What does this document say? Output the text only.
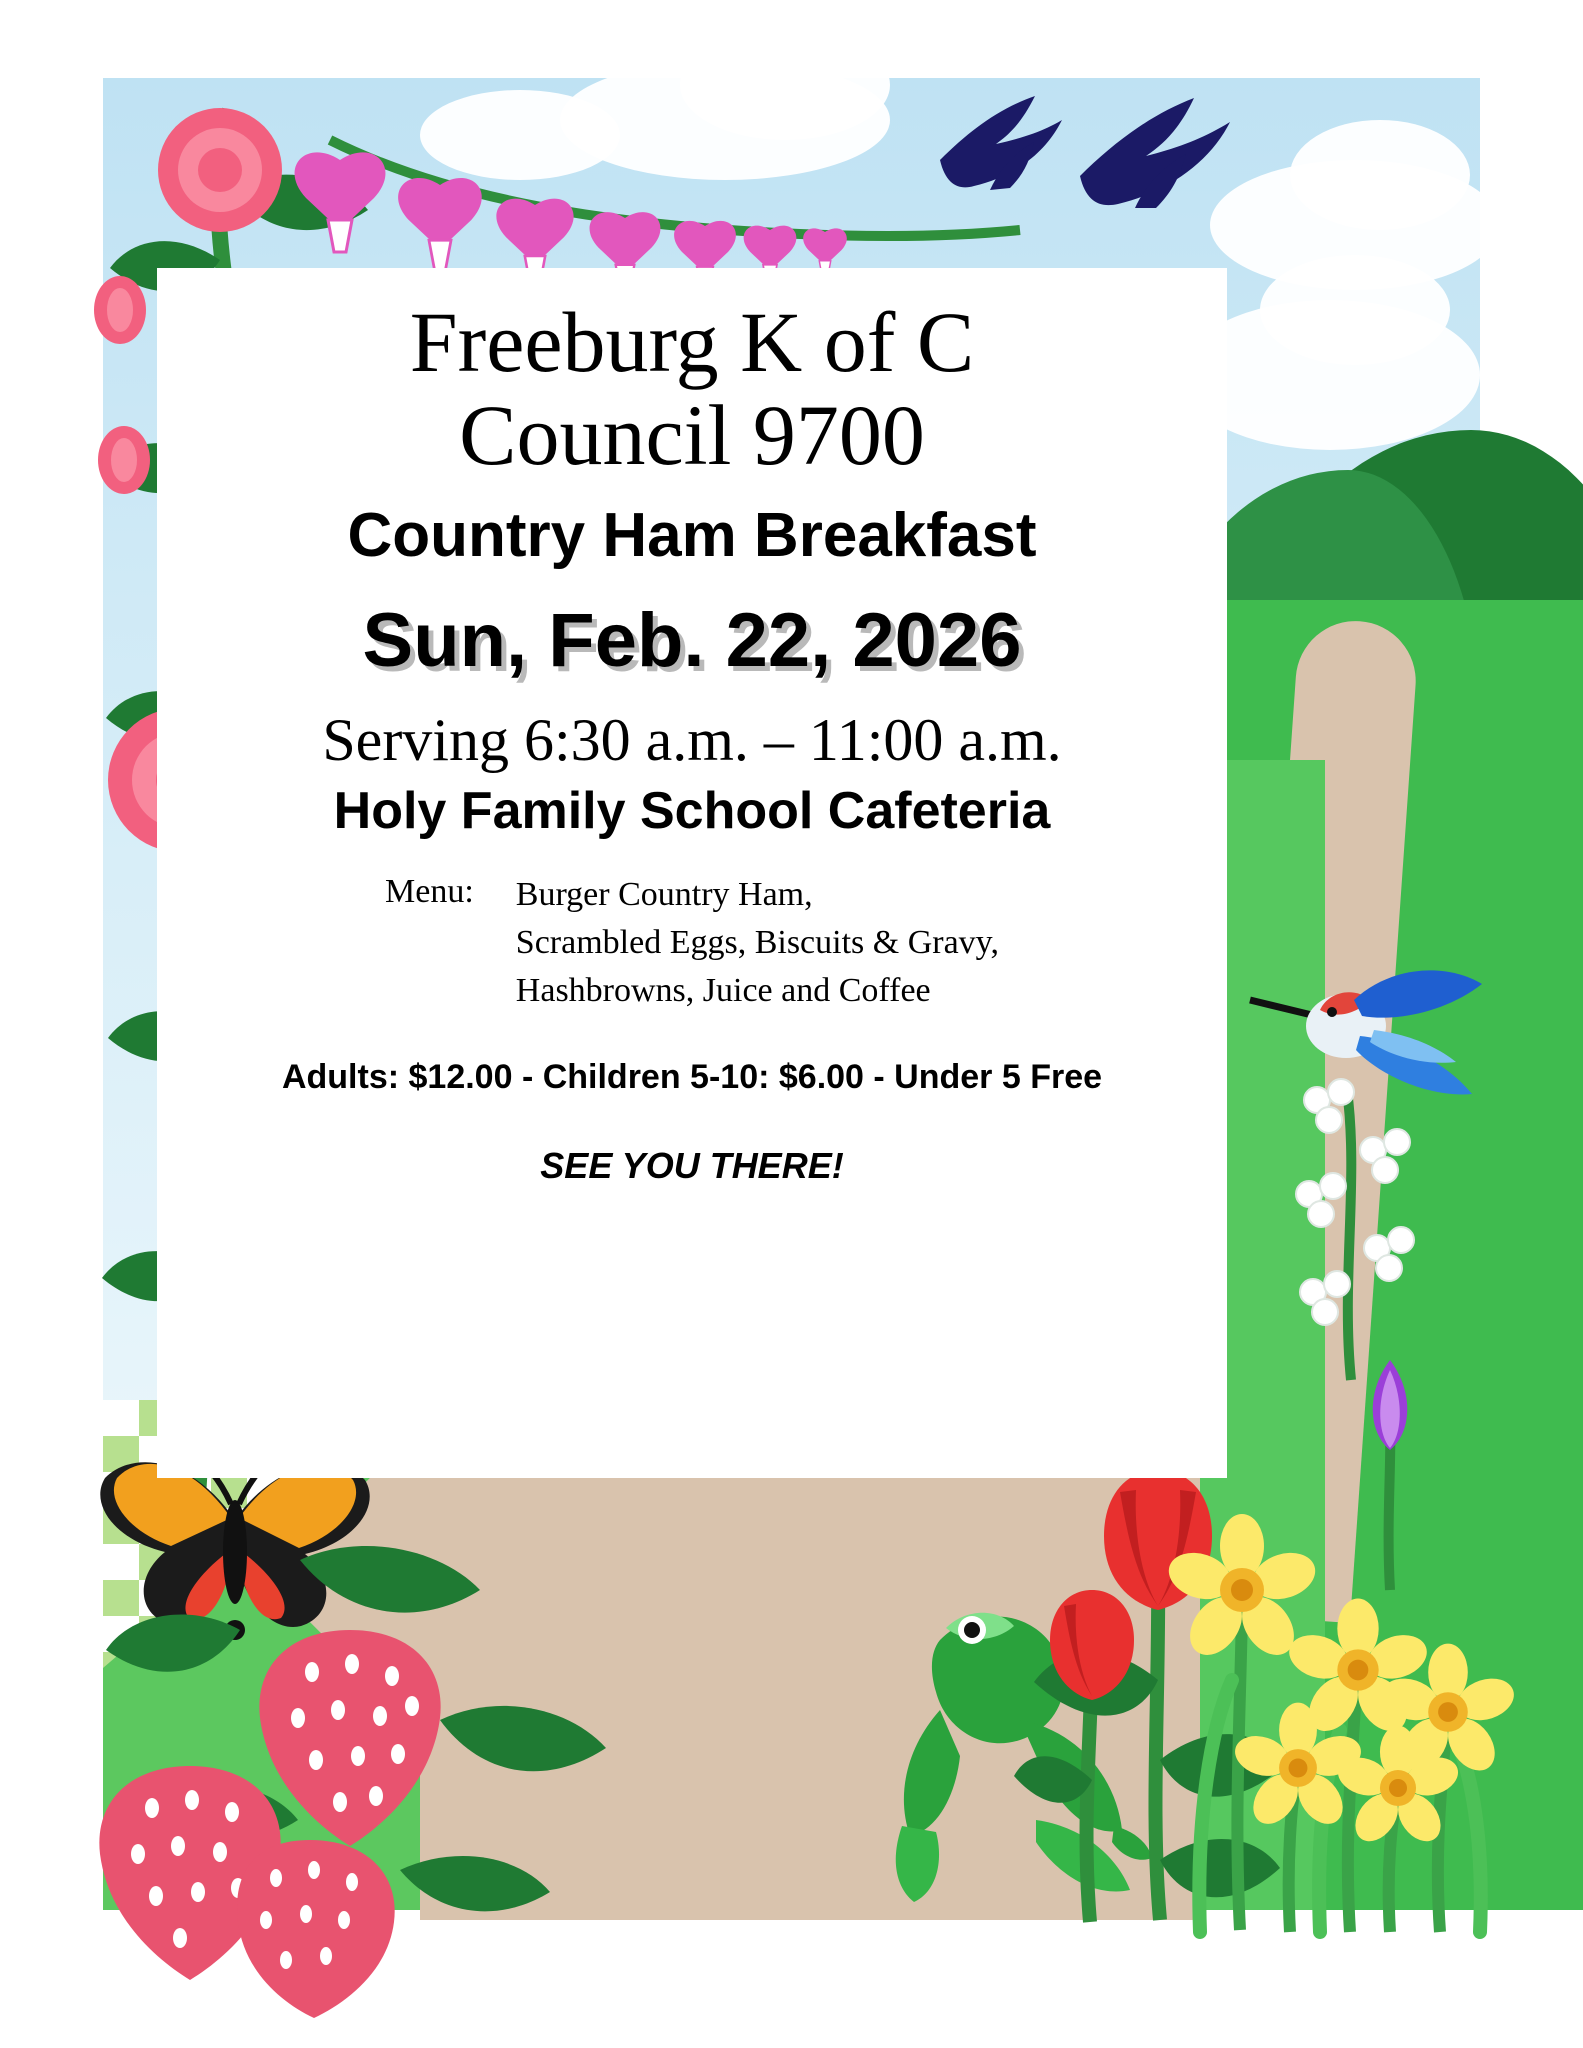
Freeburg K of C
Council 9700
Country Ham Breakfast
Sun, Feb. 22, 2026
Serving 6:30 a.m. – 11:00 a.m.
Holy Family School Cafeteria
Menu: Burger Country Ham,
Scrambled Eggs, Biscuits & Gravy,
Hashbrowns, Juice and Coffee
Adults: $12.00 - Children 5-10: $6.00 - Under 5 Free
SEE YOU THERE!
